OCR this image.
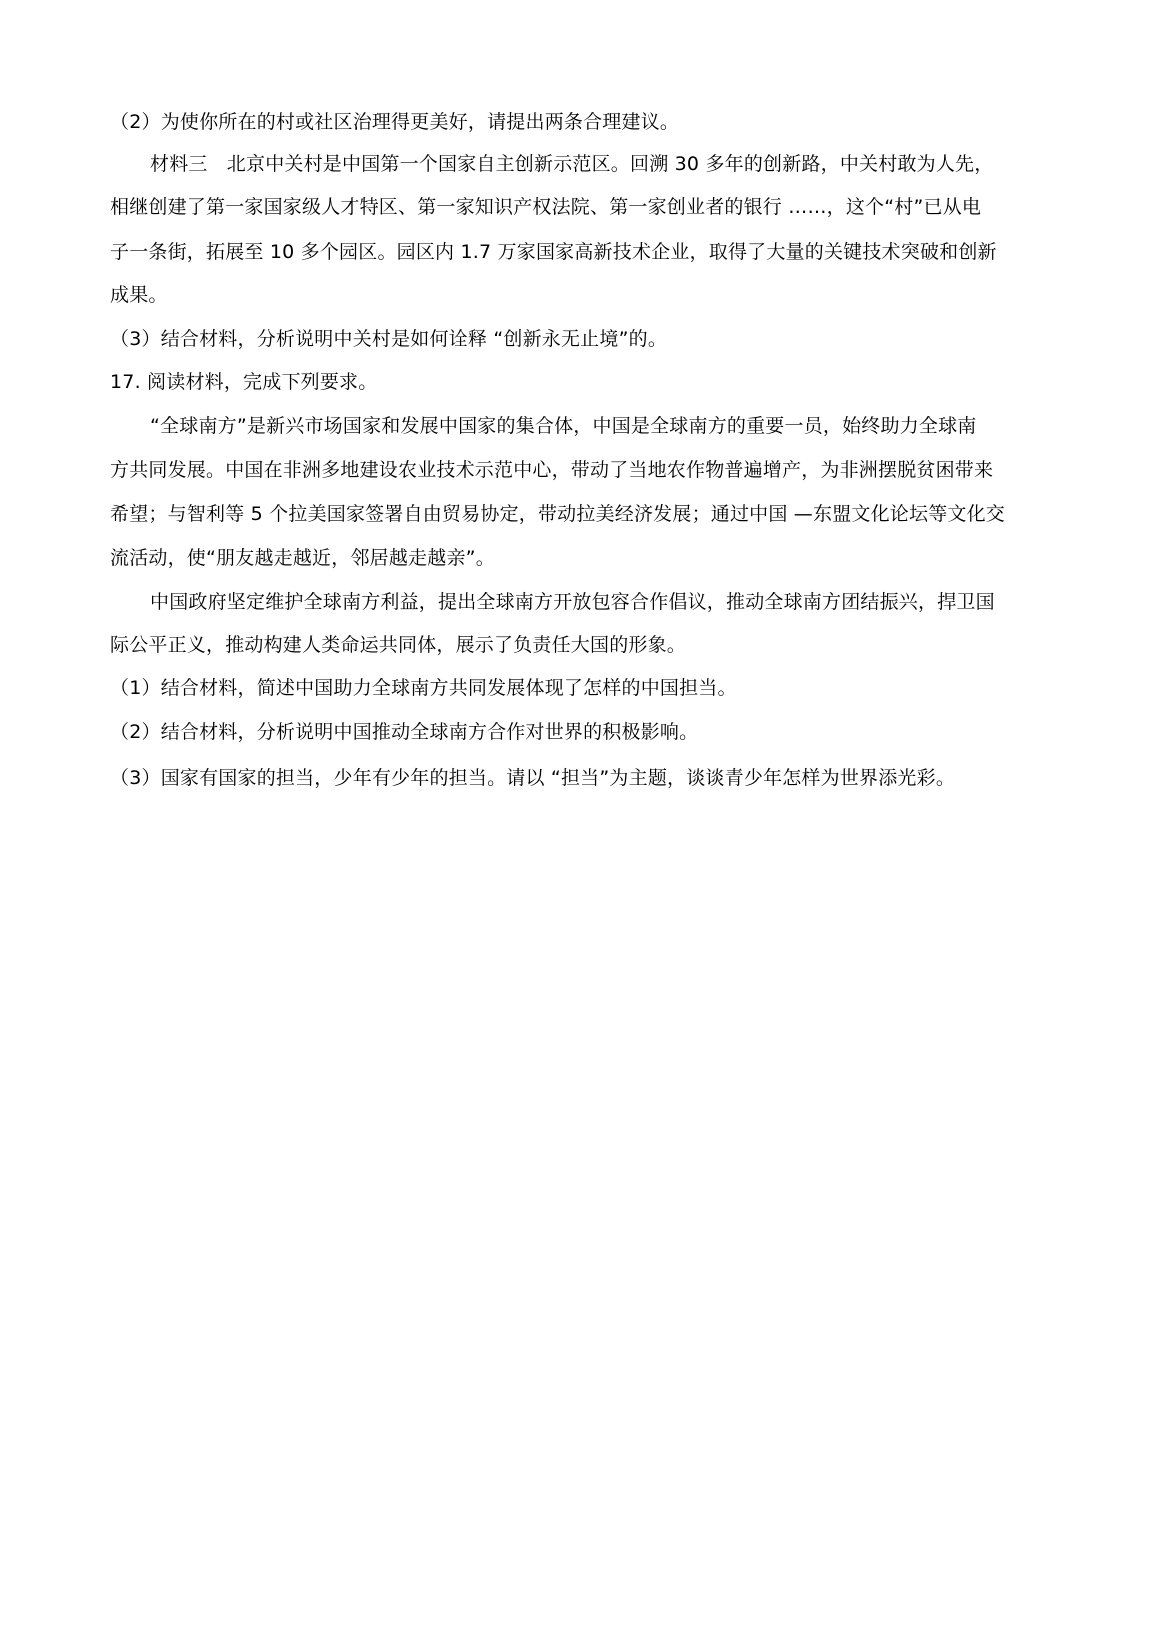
（2）为使你所在的村或社区治理得更美好，请提出两条合理建议。
材料三　北京中关村是中国第一个国家自主创新示范区。回溯 30 多年的创新路，中关村敢为人先，
相继创建了第一家国家级人才特区、第一家知识产权法院、第一家创业者的银行 ……，这个“村”已从电
子一条街，拓展至 10 多个园区。园区内 1.7 万家国家高新技术企业，取得了大量的关键技术突破和创新
成果。
（3）结合材料，分析说明中关村是如何诠释 “创新永无止境”的。
17. 阅读材料，完成下列要求。
“全球南方”是新兴市场国家和发展中国家的集合体，中国是全球南方的重要一员，始终助力全球南
方共同发展。中国在非洲多地建设农业技术示范中心，带动了当地农作物普遍增产，为非洲摆脱贫困带来
希望；与智利等 5 个拉美国家签署自由贸易协定，带动拉美经济发展；通过中国 —东盟文化论坛等文化交
流活动，使“朋友越走越近，邻居越走越亲”。
中国政府坚定维护全球南方利益，提出全球南方开放包容合作倡议，推动全球南方团结振兴，捍卫国
际公平正义，推动构建人类命运共同体，展示了负责任大国的形象。
（1）结合材料，简述中国助力全球南方共同发展体现了怎样的中国担当。
（2）结合材料，分析说明中国推动全球南方合作对世界的积极影响。
（3）国家有国家的担当，少年有少年的担当。请以 “担当”为主题，谈谈青少年怎样为世界添光彩。
